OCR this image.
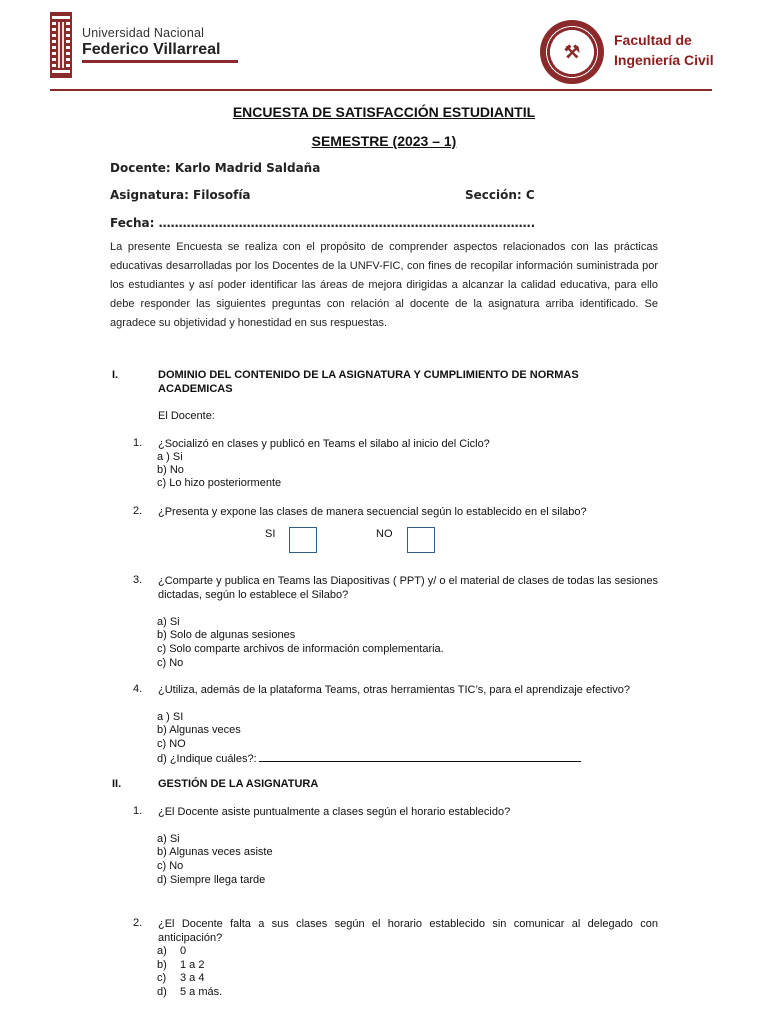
Universidad Nacional
Federico Villarreal	⚒
Facultad de
Ingeniería Civil
ENCUESTA DE SATISFACCIÓN ESTUDIANTIL
SEMESTRE (2023 – 1)
Docente: Karlo Madrid Saldaña
Asignatura: Filosofía	Sección: C
Fecha: ………………………………………………………………………………….
La presente Encuesta se realiza con el propósito de comprender aspectos relacionados con las prácticas educativas desarrolladas por los Docentes de la UNFV-FIC, con fines de recopilar información suministrada por los estudiantes y así poder identificar las áreas de mejora dirigidas a alcanzar la calidad educativa, para ello debe responder las siguientes preguntas con relación al docente de la asignatura arriba identificado. Se agradece su objetividad y honestidad en sus respuestas.
I.	DOMINIO DEL CONTENIDO DE LA ASIGNATURA Y CUMPLIMIENTO DE NORMAS ACADEMICAS
El Docente:
1. ¿Socializó en clases y publicó en Teams el silabo al inicio del Ciclo?
a ) Si
b) No
c) Lo hizo posteriormente
2. ¿Presenta y expone las clases de manera secuencial según lo establecido en el silabo?
SI	NO
3. ¿Comparte y publica en Teams las Diapositivas ( PPT) y/ o el material de clases de todas las sesiones dictadas, según lo establece el Silabo?
a) Si
b) Solo de algunas sesiones
c) Solo comparte archivos de información complementaria.
c) No
4. ¿Utiliza, además de la plataforma Teams, otras herramientas TIC’s, para el aprendizaje efectivo?
a ) SI
b) Algunas veces
c) NO
d) ¿Indique cuáles?:
II.	GESTIÓN DE LA ASIGNATURA
1. ¿El Docente asiste puntualmente a clases según el horario establecido?
a) Si
b) Algunas veces asiste
c) No
d) Siempre llega tarde
2. ¿El Docente falta a sus clases según el horario establecido sin comunicar al delegado con anticipación?
a) 0
b) 1 a 2
c) 3 a 4
d) 5 a más.
